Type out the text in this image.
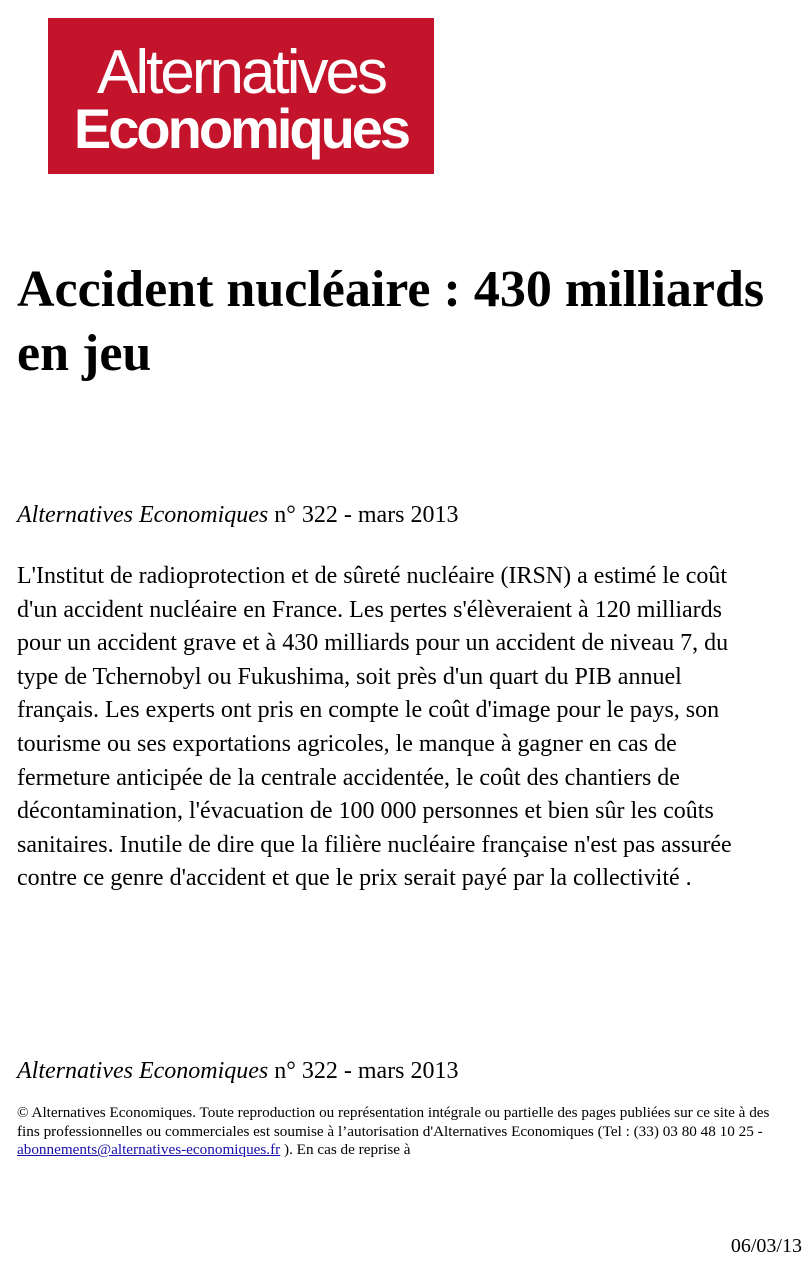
Alternatives
Economiques
Accident nucléaire : 430 milliards en jeu

Alternatives Economiques n° 322 - mars 2013

L'Institut de radioprotection et de sûreté nucléaire (IRSN) a estimé le coût d'un accident nucléaire en France. Les pertes s'élèveraient à 120 milliards pour un accident grave et à 430 milliards pour un accident de niveau 7, du type de Tchernobyl ou Fukushima, soit près d'un quart du PIB annuel français. Les experts ont pris en compte le coût d'image pour le pays, son tourisme ou ses exportations agricoles, le manque à gagner en cas de fermeture anticipée de la centrale accidentée, le coût des chantiers de décontamination, l'évacuation de 100 000 personnes et bien sûr les coûts sanitaires. Inutile de dire que la filière nucléaire française n'est pas assurée contre ce genre d'accident et que le prix serait payé par la collectivité .

Alternatives Economiques n° 322 - mars 2013

© Alternatives Economiques. Toute reproduction ou représentation intégrale ou partielle des pages publiées sur ce site à des fins professionnelles ou commerciales est soumise à l’autorisation d'Alternatives Economiques (Tel : (33) 03 80 48 10 25 - abonnements@alternatives-economiques.fr ). En cas de reprise à

06/03/13
